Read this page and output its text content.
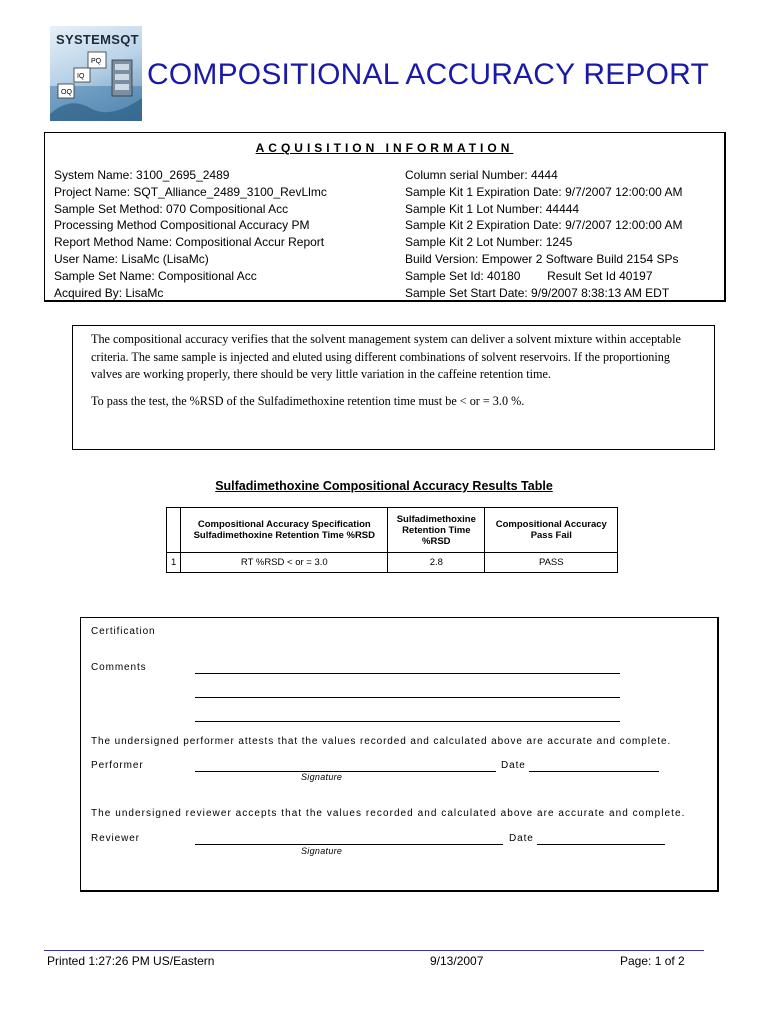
PQ
IQ
OQ
SYSTEMSQT
COMPOSITIONAL ACCURACY REPORT
ACQUISITION INFORMATION
System Name: 3100_2695_2489
Project Name: SQT_Alliance_2489_3100_RevLlmc
Sample Set Method: 070 Compositional Acc
Processing Method Compositional Accuracy PM
Report Method Name: Compositional Accur Report
User Name: LisaMc (LisaMc)
Sample Set Name: Compositional Acc
Acquired By: LisaMc
Column serial Number: 4444
Sample Kit 1 Expiration Date: 9/7/2007 12:00:00 AM
Sample Kit 1 Lot Number: 44444
Sample Kit 2 Expiration Date: 9/7/2007 12:00:00 AM
Sample Kit 2 Lot Number: 1245
Build Version: Empower 2 Software Build 2154 SPs
Sample Set Id: 40180        Result Set Id 40197
Sample Set Start Date: 9/9/2007 8:38:13 AM EDT

The compositional accuracy verifies that the solvent management system can deliver a solvent mixture within acceptable criteria. The same sample is injected and eluted using different combinations of solvent reservoirs. If the proportioning valves are working properly, there should be very little variation in the caffeine retention time.

To pass the test, the %RSD of the Sulfadimethoxine retention time must be < or = 3.0 %.

Sulfadimethoxine Compositional Accuracy Results Table
	Compositional Accuracy Specification Sulfadimethoxine Retention Time %RSD	Sulfadimethoxine Retention Time %RSD	Compositional Accuracy Pass Fail
1	RT %RSD < or = 3.0	2.8	PASS
Certification
Comments
The undersigned performer attests that the values recorded and calculated above are accurate and complete.
Performer
Signature
Date
The undersigned reviewer accepts that the values recorded and calculated above are accurate and complete.
Reviewer
Signature
Date
Printed 1:27:26 PM US/Eastern	9/13/2007	Page: 1 of 2
